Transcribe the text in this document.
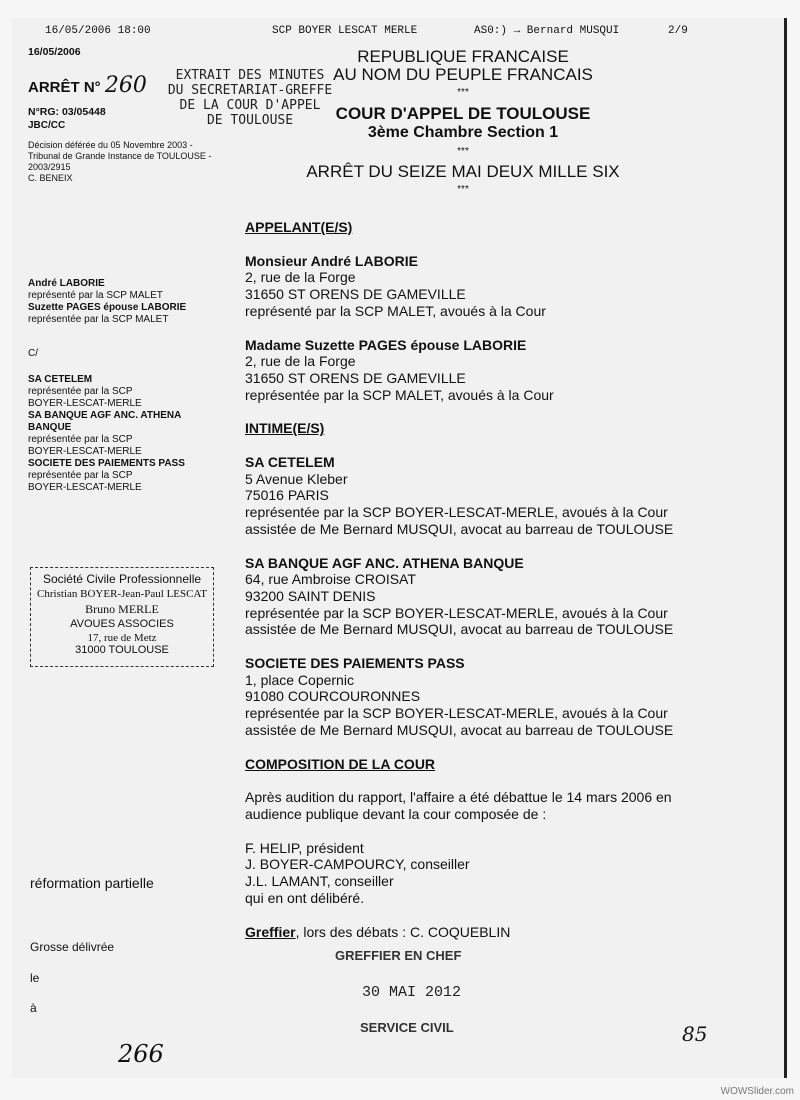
16/05/2006 18:00	SCP BOYER LESCAT MERLE	AS0:) → Bernard MUSQUI	2/9
16/05/2006
ARRÊT N° 260	EXTRAIT DES MINUTES
DU SECRETARIAT-GREFFE
DE LA COUR D'APPEL
DE TOULOUSE
N°RG: 03/05448
JBC/CC
Décision déférée du 05 Novembre 2003 -
Tribunal de Grande Instance de TOULOUSE -
2003/2915
C. BENEIX
REPUBLIQUE FRANCAISE
AU NOM DU PEUPLE FRANCAIS
***
COUR D'APPEL DE TOULOUSE
3ème Chambre Section 1
***
ARRÊT DU SEIZE MAI DEUX MILLE SIX
***
André LABORIE
représenté par la SCP MALET
Suzette PAGES épouse LABORIE
représentée par la SCP MALET
C/
SA CETELEM
représentée par la SCP
BOYER-LESCAT-MERLE
SA BANQUE AGF ANC. ATHENA
BANQUE
représentée par la SCP
BOYER-LESCAT-MERLE
SOCIETE DES PAIEMENTS PASS
représentée par la SCP
BOYER-LESCAT-MERLE
Société Civile Professionnelle
Christian BOYER-Jean-Paul LESCAT
Bruno MERLE
AVOUES ASSOCIES
17, rue de Metz
31000 TOULOUSE
APPELANT(E/S)
Monsieur André LABORIE
2, rue de la Forge
31650 ST ORENS DE GAMEVILLE
représenté par la SCP MALET, avoués à la Cour
Madame Suzette PAGES épouse LABORIE
2, rue de la Forge
31650 ST ORENS DE GAMEVILLE
représentée par la SCP MALET, avoués à la Cour
INTIME(E/S)
SA CETELEM
5 Avenue Kleber
75016 PARIS
représentée par la SCP BOYER-LESCAT-MERLE, avoués à la Cour
assistée de Me Bernard MUSQUI, avocat au barreau de TOULOUSE
SA BANQUE AGF ANC. ATHENA BANQUE
64, rue Ambroise CROISAT
93200 SAINT DENIS
représentée par la SCP BOYER-LESCAT-MERLE, avoués à la Cour
assistée de Me Bernard MUSQUI, avocat au barreau de TOULOUSE
SOCIETE DES PAIEMENTS PASS
1, place Copernic
91080 COURCOURONNES
représentée par la SCP BOYER-LESCAT-MERLE, avoués à la Cour
assistée de Me Bernard MUSQUI, avocat au barreau de TOULOUSE
COMPOSITION DE LA COUR
Après audition du rapport, l'affaire a été débattue le 14 mars 2006 en
audience publique devant la cour composée de :
F. HELIP, président
J. BOYER-CAMPOURCY, conseiller
J.L. LAMANT, conseiller
qui en ont délibéré.
Greffier, lors des débats : C. COQUEBLIN
réformation partielle
Grosse délivrée
le
à
GREFFIER EN CHEF
30 MAI 2012
SERVICE CIVIL
266
85
WOWSlider.com
